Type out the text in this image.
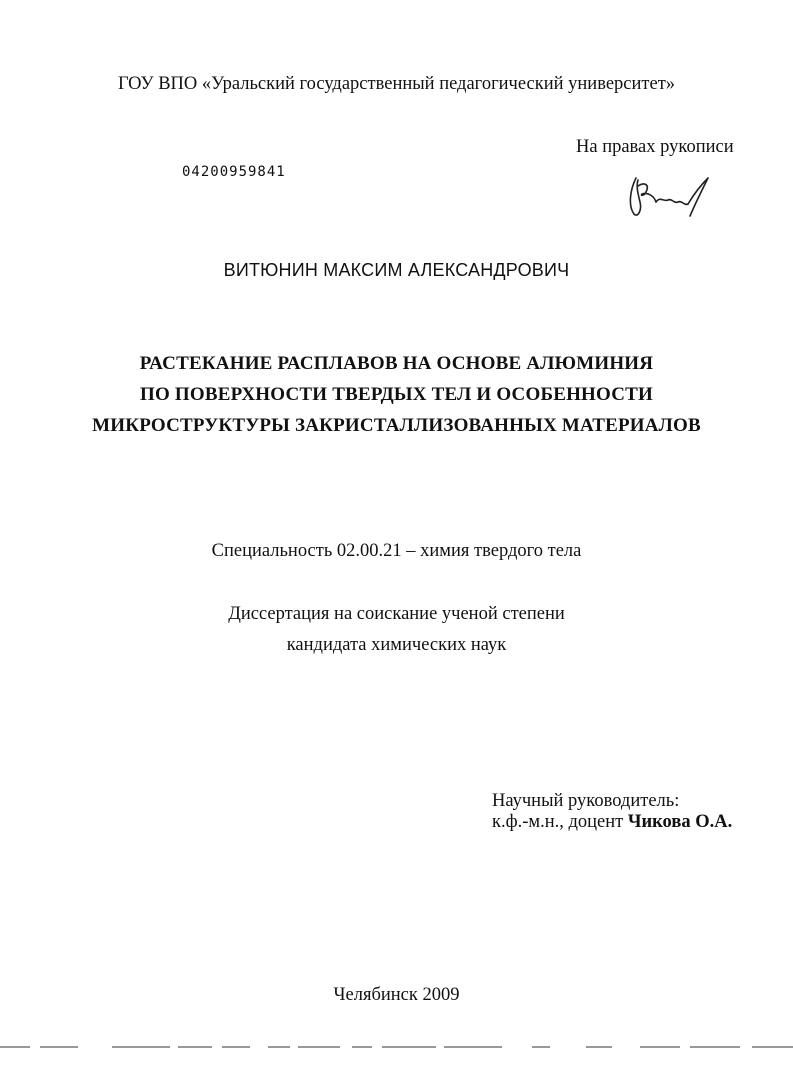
ГОУ ВПО «Уральский государственный педагогический университет»
На правах рукописи
04200959841
ВИТЮНИН МАКСИМ АЛЕКСАНДРОВИЧ
РАСТЕКАНИЕ РАСПЛАВОВ НА ОСНОВЕ АЛЮМИНИЯ
ПО ПОВЕРХНОСТИ ТВЕРДЫХ ТЕЛ И ОСОБЕННОСТИ
МИКРОСТРУКТУРЫ ЗАКРИСТАЛЛИЗОВАННЫХ МАТЕРИАЛОВ
Специальность 02.00.21 – химия твердого тела
Диссертация на соискание ученой степени
кандидата химических наук
Научный руководитель:
к.ф.-м.н., доцент Чикова О.А.
Челябинск 2009
